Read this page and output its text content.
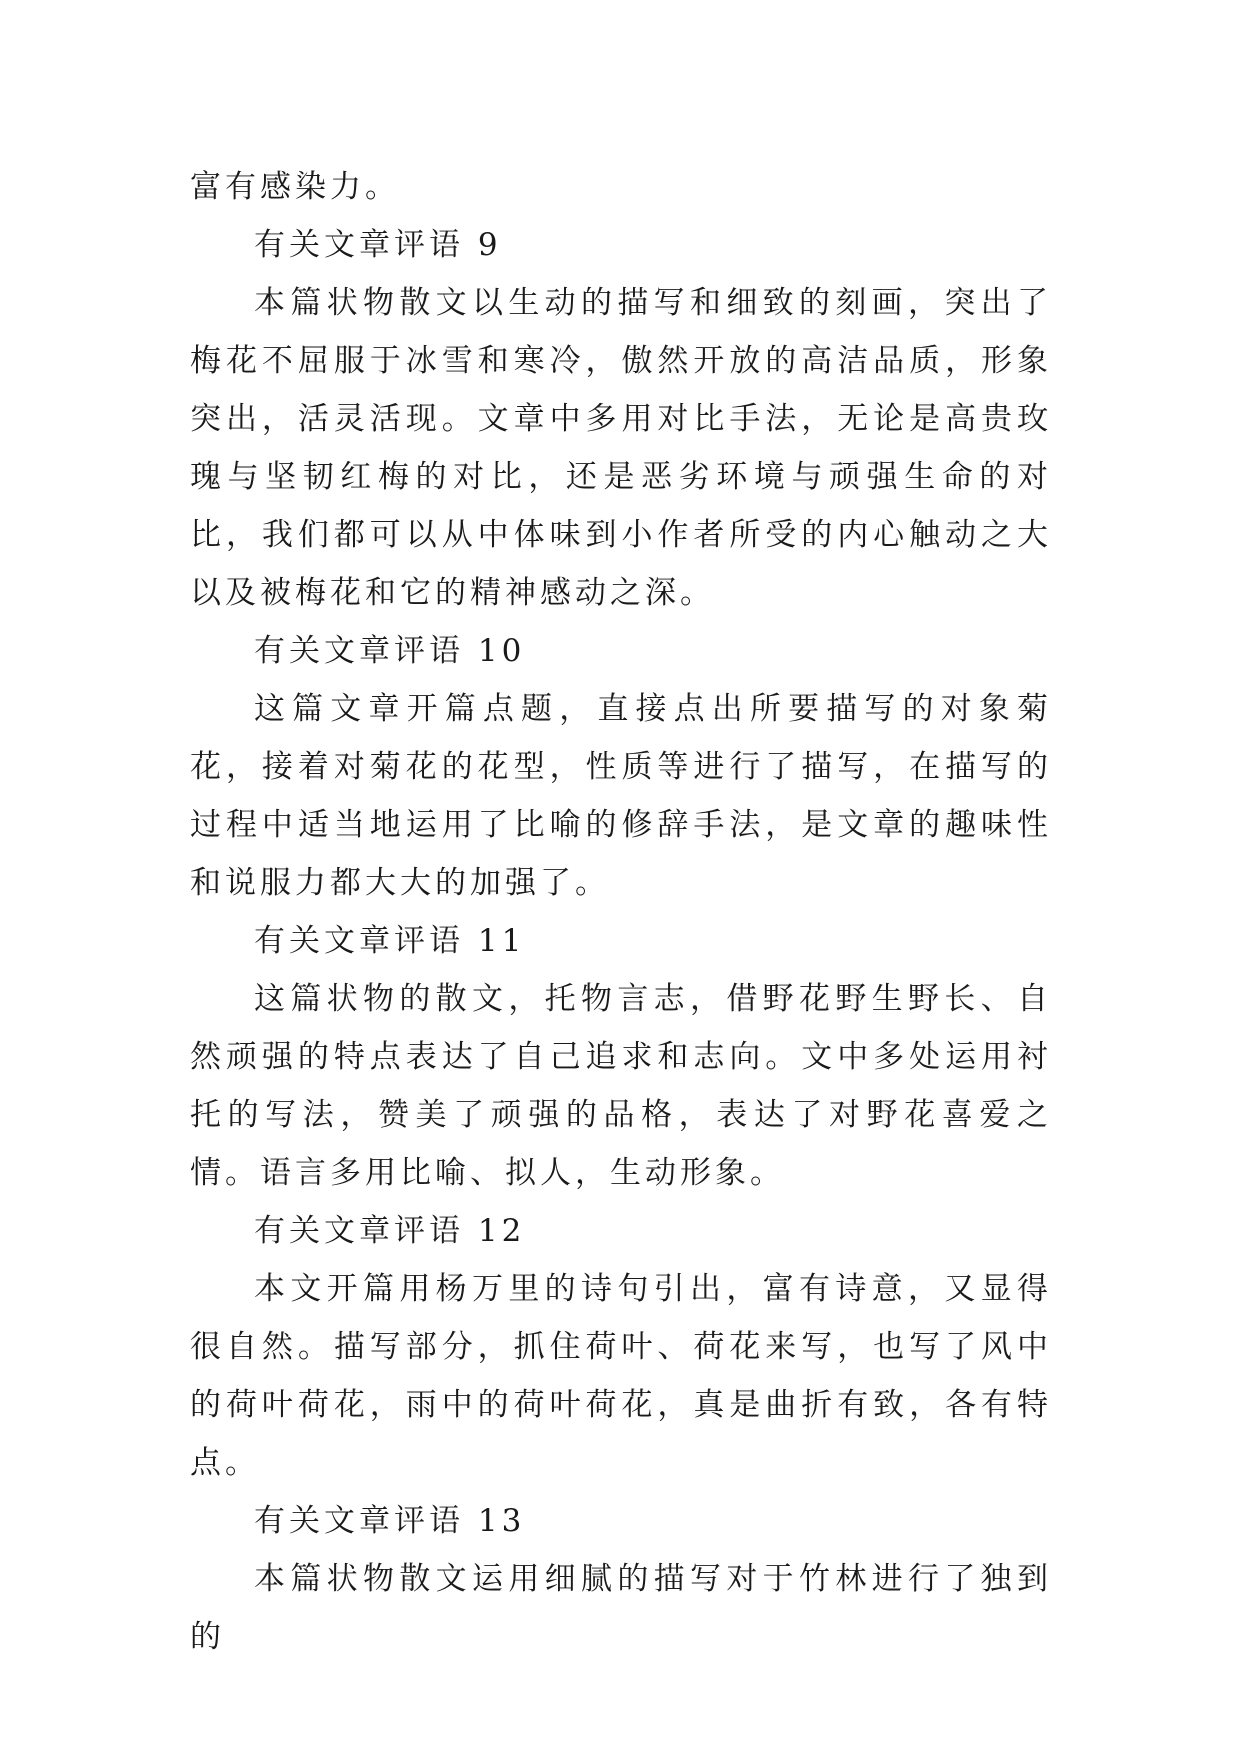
富有感染力。

有关文章评语 9

本篇状物散文以生动的描写和细致的刻画，突出了梅花不屈服于冰雪和寒冷，傲然开放的高洁品质，形象突出，活灵活现。文章中多用对比手法，无论是高贵玫瑰与坚韧红梅的对比，还是恶劣环境与顽强生命的对比，我们都可以从中体味到小作者所受的内心触动之大以及被梅花和它的精神感动之深。

有关文章评语 10

这篇文章开篇点题，直接点出所要描写的对象菊花，接着对菊花的花型，性质等进行了描写，在描写的过程中适当地运用了比喻的修辞手法，是文章的趣味性和说服力都大大的加强了。

有关文章评语 11

这篇状物的散文，托物言志，借野花野生野长、自然顽强的特点表达了自己追求和志向。文中多处运用衬托的写法，赞美了顽强的品格，表达了对野花喜爱之情。语言多用比喻、拟人，生动形象。

有关文章评语 12

本文开篇用杨万里的诗句引出，富有诗意，又显得很自然。描写部分，抓住荷叶、荷花来写，也写了风中的荷叶荷花，雨中的荷叶荷花，真是曲折有致，各有特点。

有关文章评语 13

本篇状物散文运用细腻的描写对于竹林进行了独到的
